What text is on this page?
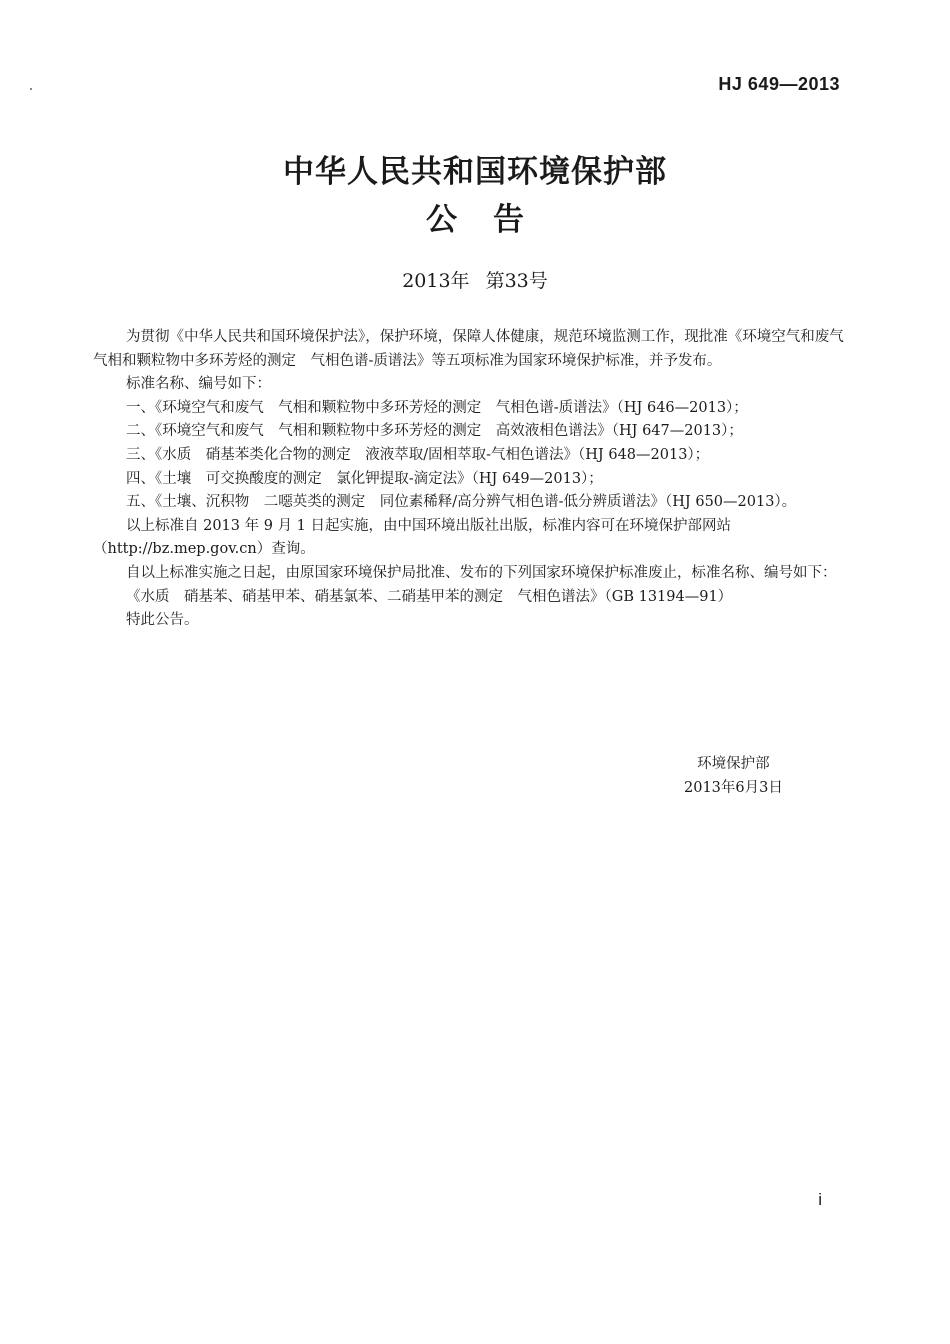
HJ 649—2013
中华人民共和国环境保护部
公告
2013年 第33号

为贯彻《中华人民共和国环境保护法》，保护环境，保障人体健康，规范环境监测工作，现批准《环境空气和废气　气相和颗粒物中多环芳烃的测定　气相色谱-质谱法》等五项标准为国家环境保护标准，并予发布。

标准名称、编号如下：

一、《环境空气和废气　气相和颗粒物中多环芳烃的测定　气相色谱-质谱法》（HJ 646—2013）；

二、《环境空气和废气　气相和颗粒物中多环芳烃的测定　高效液相色谱法》（HJ 647—2013）；

三、《水质　硝基苯类化合物的测定　液液萃取/固相萃取-气相色谱法》（HJ 648—2013）；

四、《土壤　可交换酸度的测定　氯化钾提取-滴定法》（HJ 649—2013）；

五、《土壤、沉积物　二噁英类的测定　同位素稀释/高分辨气相色谱-低分辨质谱法》（HJ 650—2013）。

以上标准自 2013 年 9 月 1 日起实施，由中国环境出版社出版，标准内容可在环境保护部网站（http://bz.mep.gov.cn）查询。

自以上标准实施之日起，由原国家环境保护局批准、发布的下列国家环境保护标准废止，标准名称、编号如下：

《水质　硝基苯、硝基甲苯、硝基氯苯、二硝基甲苯的测定　气相色谱法》（GB 13194—91）

特此公告。

环境保护部
2013年6月3日
i
